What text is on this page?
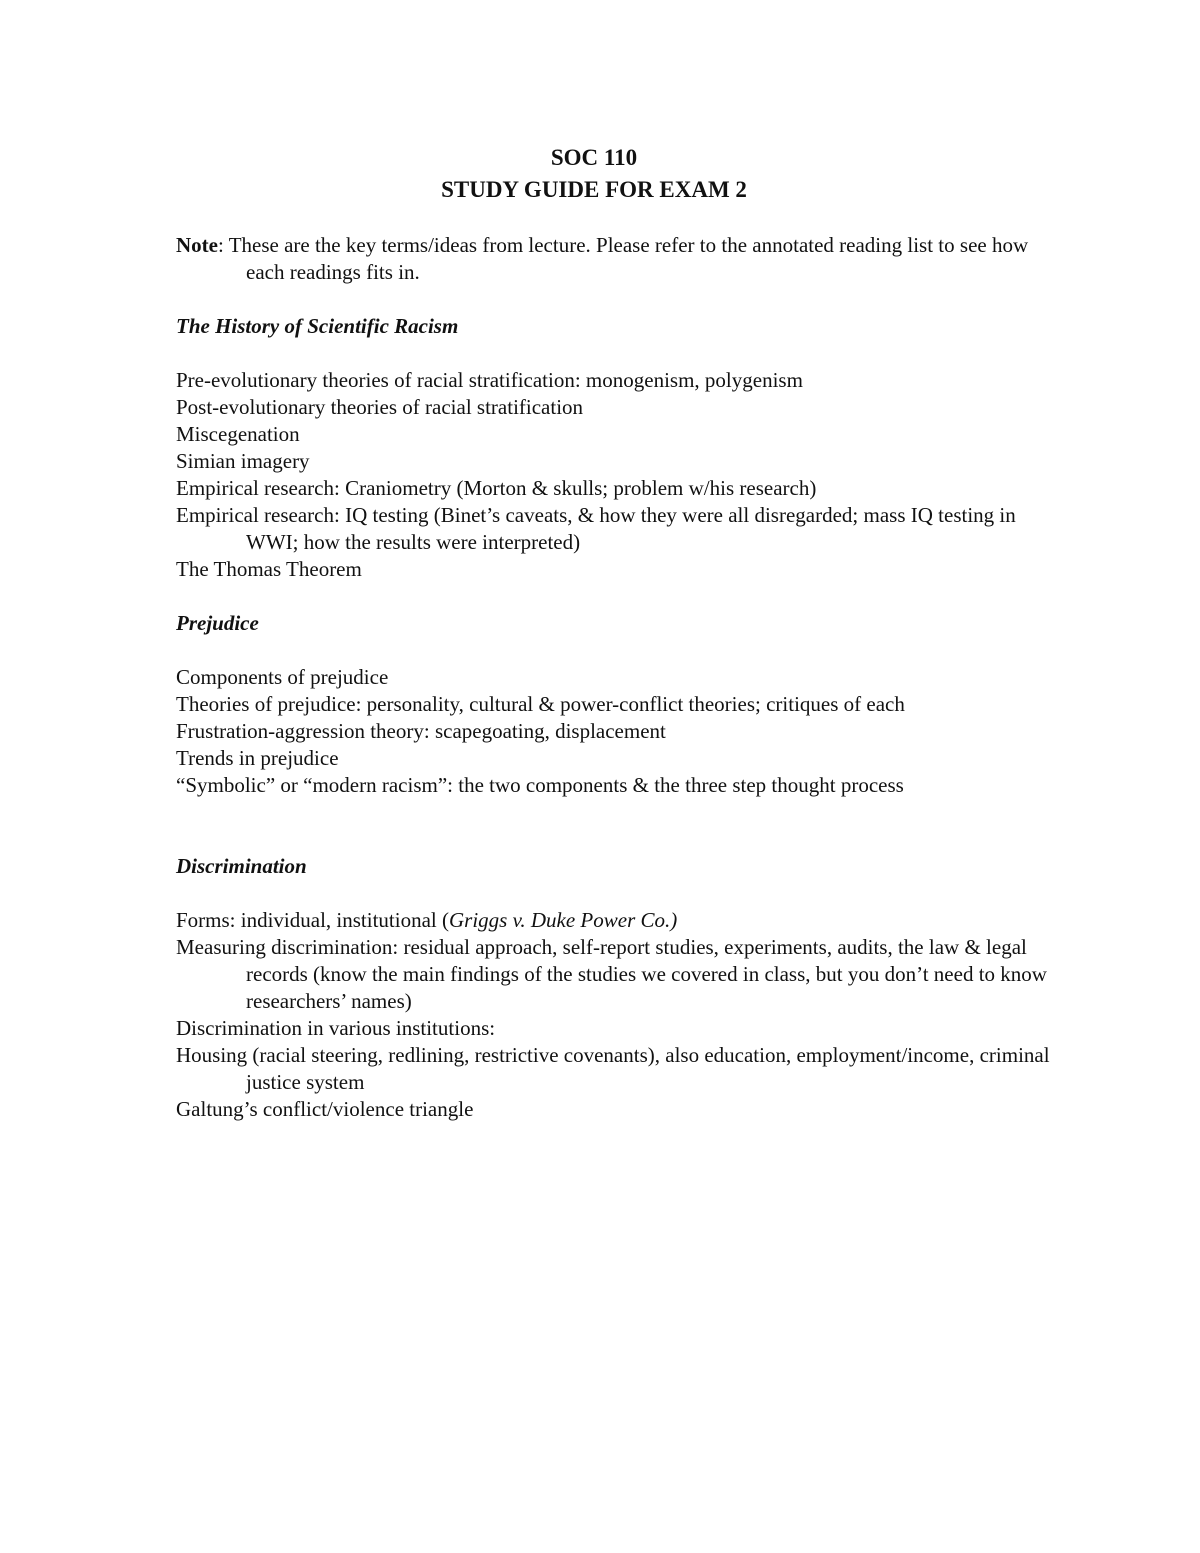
SOC 110
STUDY GUIDE FOR EXAM 2

Note: These are the key terms/ideas from lecture. Please refer to the annotated reading list to see how each readings fits in.

The History of Scientific Racism

Pre-evolutionary theories of racial stratification: monogenism, polygenism

Post-evolutionary theories of racial stratification

Miscegenation

Simian imagery

Empirical research: Craniometry (Morton & skulls; problem w/his research)

Empirical research: IQ testing (Binet’s caveats, & how they were all disregarded; mass IQ testing in WWI; how the results were interpreted)

The Thomas Theorem

Prejudice

Components of prejudice

Theories of prejudice: personality, cultural & power-conflict theories; critiques of each

Frustration-aggression theory: scapegoating, displacement

Trends in prejudice

“Symbolic” or “modern racism”: the two components & the three step thought process

Discrimination

Forms: individual, institutional (Griggs v. Duke Power Co.)

Measuring discrimination: residual approach, self-report studies, experiments, audits, the law & legal records (know the main findings of the studies we covered in class, but you don’t need to know researchers’ names)

Discrimination in various institutions:

Housing (racial steering, redlining, restrictive covenants), also education, employment/income, criminal justice system

Galtung’s conflict/violence triangle
